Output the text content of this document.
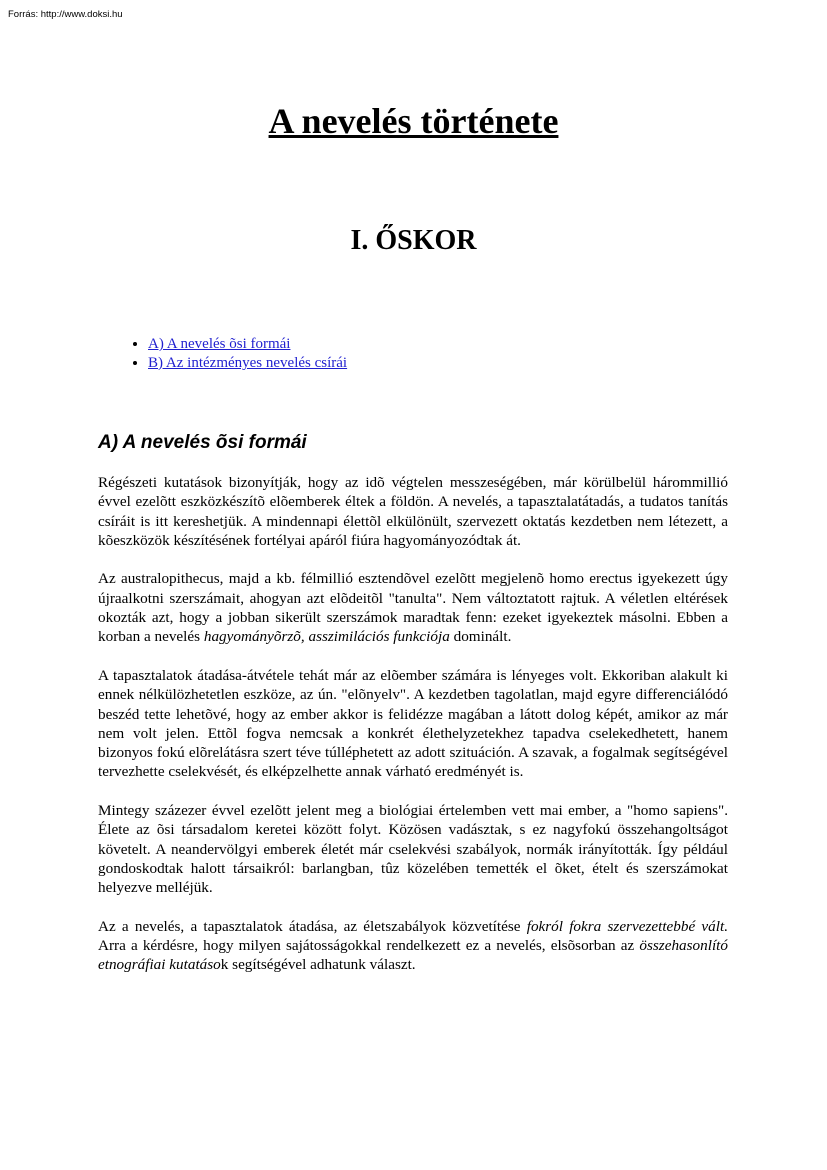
Forrás: http://www.doksi.hu
A nevelés története
I. ŐSKOR
• A) A nevelés õsi formái
• B) Az intézményes nevelés csírái
A) A nevelés õsi formái

Régészeti kutatások bizonyítják, hogy az idõ végtelen messzeségében, már körülbelül hárommillió évvel ezelõtt eszközkészítõ elõemberek éltek a földön. A nevelés, a tapasztalatátadás, a tudatos tanítás csíráit is itt kereshetjük. A mindennapi élettõl elkülönült, szervezett oktatás kezdetben nem létezett, a kõeszközök készítésének fortélyai apáról fiúra hagyományozódtak át.

Az australopithecus, majd a kb. félmillió esztendõvel ezelõtt megjelenõ homo erectus igyekezett úgy újraalkotni szerszámait, ahogyan azt elõdeitõl "tanulta". Nem változtatott rajtuk. A véletlen eltérések okozták azt, hogy a jobban sikerült szerszámok maradtak fenn: ezeket igyekeztek másolni. Ebben a korban a nevelés hagyományõrzõ, asszimilációs funkciója dominált.

A tapasztalatok átadása-átvétele tehát már az elõember számára is lényeges volt. Ekkoriban alakult ki ennek nélkülözhetetlen eszköze, az ún. "elõnyelv". A kezdetben tagolatlan, majd egyre differenciálódó beszéd tette lehetõvé, hogy az ember akkor is felidézze magában a látott dolog képét, amikor az már nem volt jelen. Ettõl fogva nemcsak a konkrét élethelyzetekhez tapadva cselekedhetett, hanem bizonyos fokú elõrelátásra szert téve túlléphetett az adott szituáción. A szavak, a fogalmak segítségével tervezhette cselekvését, és elképzelhette annak várható eredményét is.

Mintegy százezer évvel ezelõtt jelent meg a biológiai értelemben vett mai ember, a "homo sapiens". Élete az õsi társadalom keretei között folyt. Közösen vadásztak, s ez nagyfokú összehangoltságot követelt. A neandervölgyi emberek életét már cselekvési szabályok, normák irányították. Így például gondoskodtak halott társaikról: barlangban, tûz közelében temették el õket, ételt és szerszámokat helyezve melléjük.

Az a nevelés, a tapasztalatok átadása, az életszabályok közvetítése fokról fokra szervezettebbé vált. Arra a kérdésre, hogy milyen sajátosságokkal rendelkezett ez a nevelés, elsõsorban az összehasonlító etnográfiai kutatások segítségével adhatunk választ.
